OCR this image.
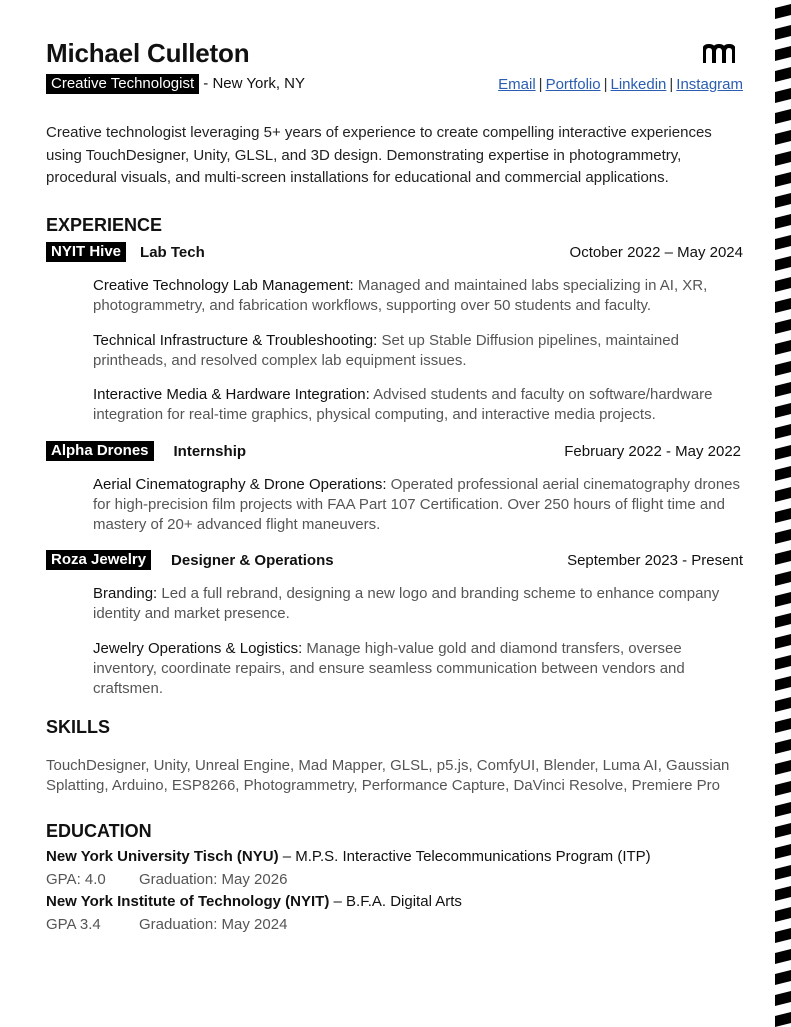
Michael Culleton
Creative Technologist - New York, NY	Email | Portfolio | Linkedin | Instagram
Creative technologist leveraging 5+ years of experience to create compelling interactive experiences using TouchDesigner, Unity, GLSL, and 3D design. Demonstrating expertise in photogrammetry, procedural visuals, and multi-screen installations for educational and commercial applications.
EXPERIENCE
NYIT Hive	Lab Tech	October 2022 – May 2024
Creative Technology Lab Management: Managed and maintained labs specializing in AI, XR, photogrammetry, and fabrication workflows, supporting over 50 students and faculty.
Technical Infrastructure & Troubleshooting: Set up Stable Diffusion pipelines, maintained printheads, and resolved complex lab equipment issues.
Interactive Media & Hardware Integration: Advised students and faculty on software/hardware integration for real-time graphics, physical computing, and interactive media projects.
Alpha Drones	Internship	February 2022 - May 2022
Aerial Cinematography & Drone Operations: Operated professional aerial cinematography drones for high-precision film projects with FAA Part 107 Certification. Over 250 hours of flight time and mastery of 20+ advanced flight maneuvers.
Roza Jewelry	Designer & Operations	September 2023 - Present
Branding: Led a full rebrand, designing a new logo and branding scheme to enhance company identity and market presence.
Jewelry Operations & Logistics: Manage high-value gold and diamond transfers, oversee inventory, coordinate repairs, and ensure seamless communication between vendors and craftsmen.
SKILLS
TouchDesigner, Unity, Unreal Engine, Mad Mapper, GLSL, p5.js, ComfyUI, Blender, Luma AI, Gaussian Splatting, Arduino, ESP8266, Photogrammetry, Performance Capture, DaVinci Resolve, Premiere Pro
EDUCATION
New York University Tisch (NYU) – M.P.S. Interactive Telecommunications Program (ITP)
GPA: 4.0 Graduation: May 2026
New York Institute of Technology (NYIT) – B.F.A. Digital Arts
GPA 3.4	Graduation: May 2024
